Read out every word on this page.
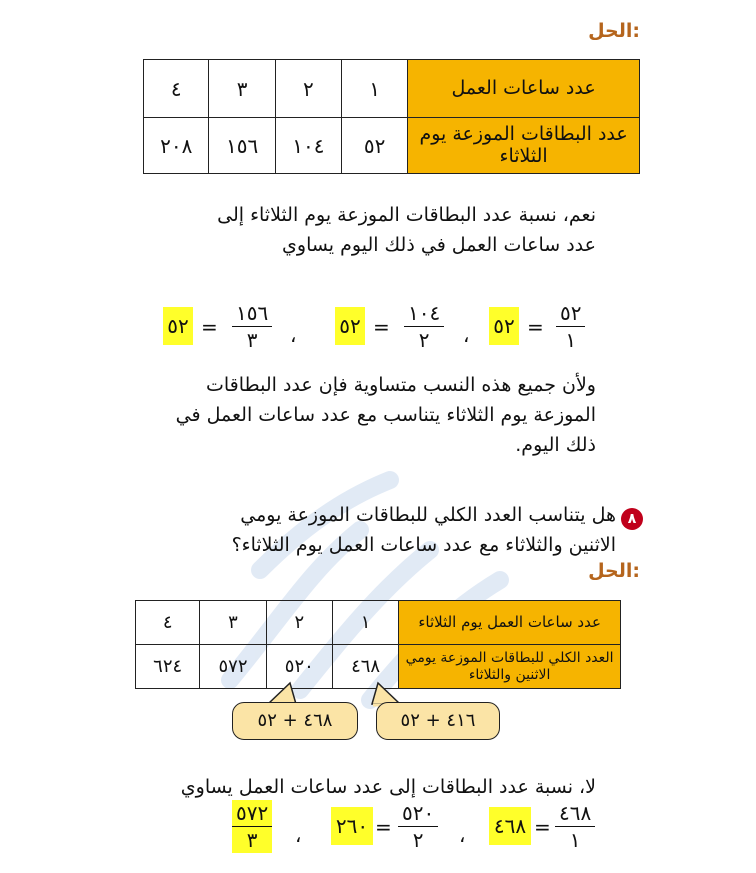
الحل:
عدد ساعات العمل	١	٢	٣	٤
عدد البطاقات الموزعة يوم الثلاثاء	٥٢	١٠٤	١٥٦	٢٠٨
نعم، نسبة عدد البطاقات الموزعة يوم الثلاثاء إلى
عدد ساعات العمل في ذلك اليوم يساوي
٥٢
١
=
٥٢
،
١٠٤
٢
=
٥٢
،
١٥٦
٣
=
٥٢
ولأن جميع هذه النسب متساوية فإن عدد البطاقات
الموزعة يوم الثلاثاء يتناسب مع عدد ساعات العمل في
ذلك اليوم.
٨
هل يتناسب العدد الكلي للبطاقات الموزعة يومي
الاثنين والثلاثاء مع عدد ساعات العمل يوم الثلاثاء؟
الحل:
عدد ساعات العمل يوم الثلاثاء	١	٢	٣	٤
العدد الكلي للبطاقات الموزعة يومي الاثنين والثلاثاء	٤٦٨	٥٢٠	٥٧٢	٦٢٤
٤١٦ + ٥٢
٤٦٨ + ٥٢
لا، نسبة عدد البطاقات إلى عدد ساعات العمل يساوي
٤٦٨
١
=
٤٦٨
،
٥٢٠
٢
=
٢٦٠
،
٥٧٢
٣
